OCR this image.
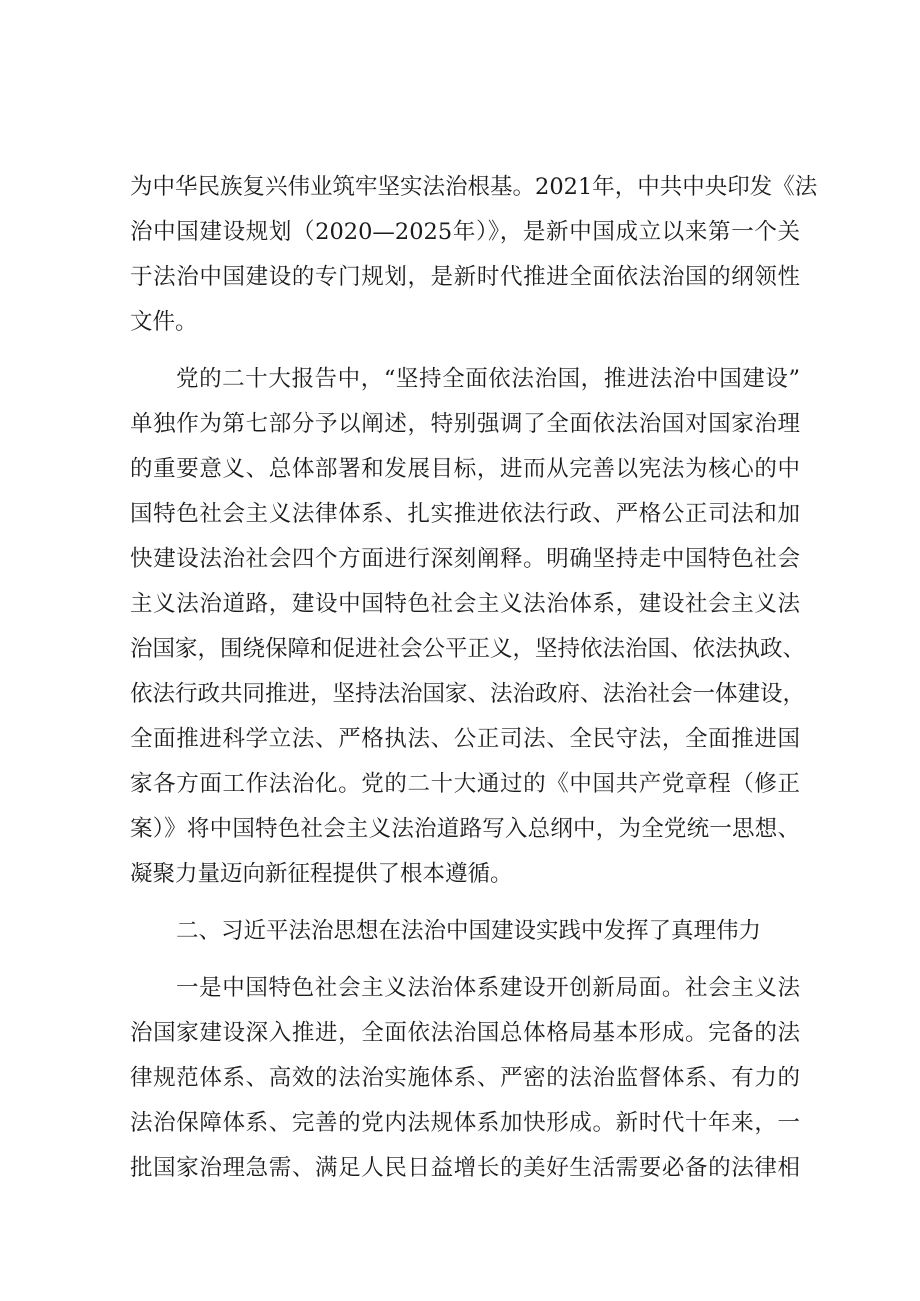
为中华民族复兴伟业筑牢坚实法治根基。2021年，中共中央印发《法
治中国建设规划（2020—2025年）》，是新中国成立以来第一个关
于法治中国建设的专门规划，是新时代推进全面依法治国的纲领性
文件。
党的二十大报告中，“坚持全面依法治国，推进法治中国建设”
单独作为第七部分予以阐述，特别强调了全面依法治国对国家治理
的重要意义、总体部署和发展目标，进而从完善以宪法为核心的中
国特色社会主义法律体系、扎实推进依法行政、严格公正司法和加
快建设法治社会四个方面进行深刻阐释。明确坚持走中国特色社会
主义法治道路，建设中国特色社会主义法治体系，建设社会主义法
治国家，围绕保障和促进社会公平正义，坚持依法治国、依法执政、
依法行政共同推进，坚持法治国家、法治政府、法治社会一体建设，
全面推进科学立法、严格执法、公正司法、全民守法，全面推进国
家各方面工作法治化。党的二十大通过的《中国共产党章程（修正
案）》将中国特色社会主义法治道路写入总纲中，为全党统一思想、
凝聚力量迈向新征程提供了根本遵循。
二、习近平法治思想在法治中国建设实践中发挥了真理伟力
一是中国特色社会主义法治体系建设开创新局面。社会主义法
治国家建设深入推进，全面依法治国总体格局基本形成。完备的法
律规范体系、高效的法治实施体系、严密的法治监督体系、有力的
法治保障体系、完善的党内法规体系加快形成。新时代十年来，一
批国家治理急需、满足人民日益增长的美好生活需要必备的法律相
